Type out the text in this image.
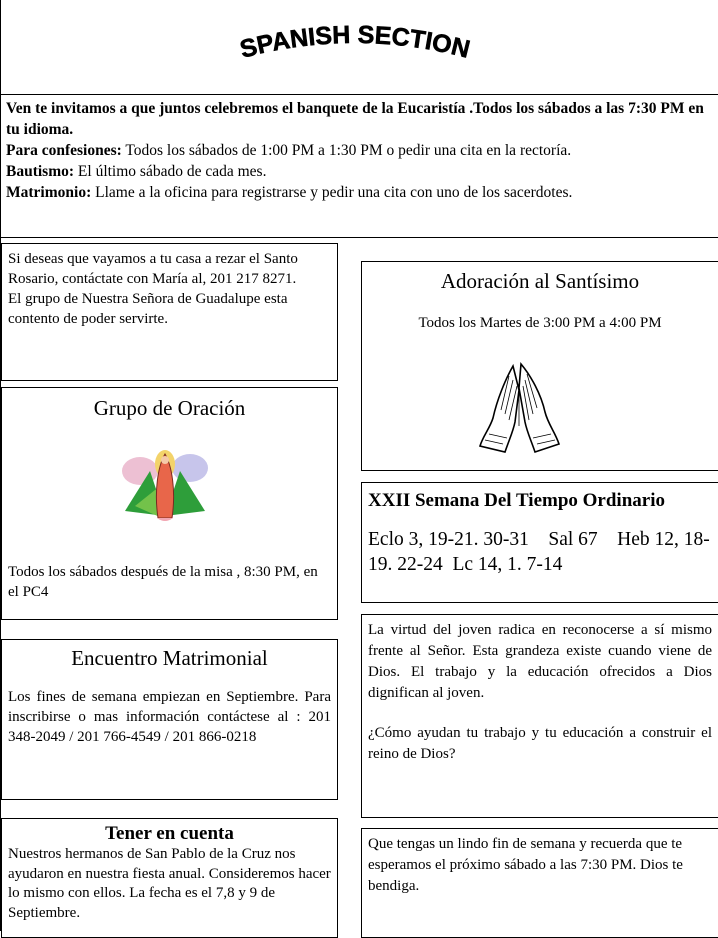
SPANISH SECTION
Ven te invitamos a que juntos celebremos el banquete de la Eucaristía .Todos los sábados a las 7:30 PM en tu idioma.
Para confesiones: Todos los sábados de 1:00 PM a 1:30 PM o pedir una cita en la rectoría.
Bautismo: El último sábado de cada mes.
Matrimonio: Llame a la oficina para registrarse y pedir una cita con uno de los sacerdotes.
Si deseas que vayamos a tu casa a rezar el Santo Rosario, contáctate con María al, 201 217 8271.
El grupo de Nuestra Señora de Guadalupe esta contento de poder servirte.
Grupo de Oración
Todos los sábados después de la misa , 8:30 PM, en el PC4
Encuentro Matrimonial
Los fines de semana empiezan en Septiembre. Para inscribirse o mas información contáctese al : 201 348-2049 / 201 766-4549 / 201 866-0218
Tener en cuenta
Nuestros hermanos de San Pablo de la Cruz nos ayudaron en nuestra fiesta anual. Consideremos hacer lo mismo con ellos. La fecha es el 7,8 y 9 de Septiembre.
Adoración al Santísimo
Todos los Martes de 3:00 PM a 4:00 PM
XXII Semana Del Tiempo Ordinario
Eclo 3, 19-21. 30-31    Sal 67    Heb 12, 18-19. 22-24  Lc 14, 1. 7-14
La virtud del joven radica en reconocerse a sí mismo frente al Señor. Esta grandeza existe cuando viene de Dios. El trabajo y la educación ofrecidos a Dios dignifican al joven.
¿Cómo ayudan tu trabajo y tu educación a construir el reino de Dios?
Que tengas un lindo fin de semana y recuerda que te esperamos el próximo sábado a las 7:30 PM. Dios te bendiga.
